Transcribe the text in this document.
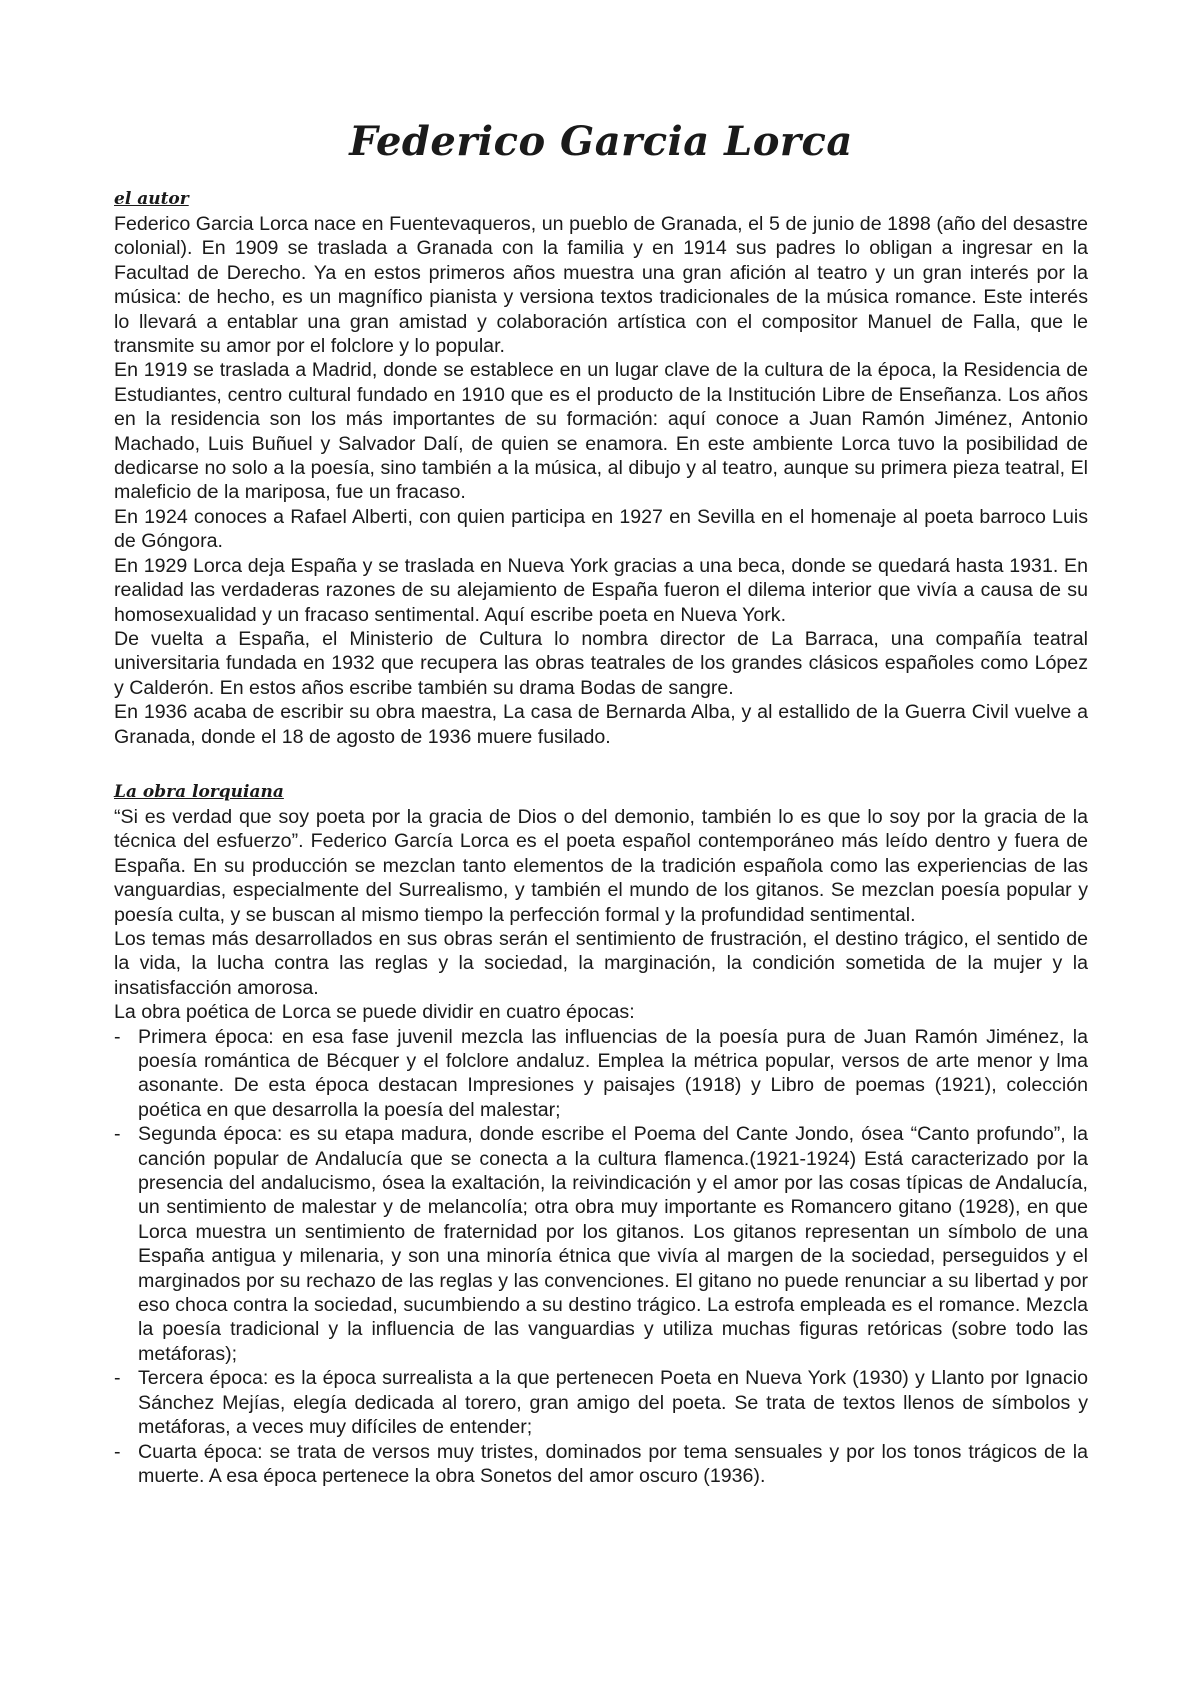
Federico Garcia Lorca
el autor

Federico Garcia Lorca nace en Fuentevaqueros, un pueblo de Granada, el 5 de junio de 1898 (año del desastre colonial). En 1909 se traslada a Granada con la familia y en 1914 sus padres lo obligan a ingresar en la Facultad de Derecho. Ya en estos primeros años muestra una gran afición al teatro y un gran interés por la música: de hecho, es un magnífico pianista y versiona textos tradicionales de la música romance. Este interés lo llevará a entablar una gran amistad y colaboración artística con el compositor Manuel de Falla, que le transmite su amor por el folclore y lo popular.

En 1919 se traslada a Madrid, donde se establece en un lugar clave de la cultura de la época, la Residencia de Estudiantes, centro cultural fundado en 1910 que es el producto de la Institución Libre de Enseñanza. Los años en la residencia son los más importantes de su formación: aquí conoce a Juan Ramón Jiménez, Antonio Machado, Luis Buñuel y Salvador Dalí, de quien se enamora. En este ambiente Lorca tuvo la posibilidad de dedicarse no solo a la poesía, sino también a la música, al dibujo y al teatro, aunque su primera pieza teatral, El maleficio de la mariposa, fue un fracaso.

En 1924 conoces a Rafael Alberti, con quien participa en 1927 en Sevilla en el homenaje al poeta barroco Luis de Góngora.

En 1929 Lorca deja España y se traslada en Nueva York gracias a una beca, donde se quedará hasta 1931. En realidad las verdaderas razones de su alejamiento de España fueron el dilema interior que vivía a causa de su homosexualidad y un fracaso sentimental. Aquí escribe poeta en Nueva York.

De vuelta a España, el Ministerio de Cultura lo nombra director de La Barraca, una compañía teatral universitaria fundada en 1932 que recupera las obras teatrales de los grandes clásicos españoles como López y Calderón. En estos años escribe también su drama Bodas de sangre.

En 1936 acaba de escribir su obra maestra, La casa de Bernarda Alba, y al estallido de la Guerra Civil vuelve a Granada, donde el 18 de agosto de 1936 muere fusilado.

La obra lorquiana

“Si es verdad que soy poeta por la gracia de Dios o del demonio, también lo es que lo soy por la gracia de la técnica del esfuerzo”. Federico García Lorca es el poeta español contemporáneo más leído dentro y fuera de España. En su producción se mezclan tanto elementos de la tradición española como las experiencias de las vanguardias, especialmente del Surrealismo, y también el mundo de los gitanos. Se mezclan poesía popular y poesía culta, y se buscan al mismo tiempo la perfección formal y la profundidad sentimental.

Los temas más desarrollados en sus obras serán el sentimiento de frustración, el destino trágico, el sentido de la vida, la lucha contra las reglas y la sociedad, la marginación, la condición sometida de la mujer y la insatisfacción amorosa.

La obra poética de Lorca se puede dividir en cuatro épocas:

- Primera época: en esa fase juvenil mezcla las influencias de la poesía pura de Juan Ramón Jiménez, la poesía romántica de Bécquer y el folclore andaluz. Emplea la métrica popular, versos de arte menor y lma asonante. De esta época destacan Impresiones y paisajes (1918) y Libro de poemas (1921), colección poética en que desarrolla la poesía del malestar;
- Segunda época: es su etapa madura, donde escribe el Poema del Cante Jondo, ósea “Canto profundo”, la canción popular de Andalucía que se conecta a la cultura flamenca.(1921-1924) Está caracterizado por la presencia del andalucismo, ósea la exaltación, la reivindicación y el amor por las cosas típicas de Andalucía, un sentimiento de malestar y de melancolía; otra obra muy importante es Romancero gitano (1928), en que Lorca muestra un sentimiento de fraternidad por los gitanos. Los gitanos representan un símbolo de una España antigua y milenaria, y son una minoría étnica que vivía al margen de la sociedad, perseguidos y el marginados por su rechazo de las reglas y las convenciones. El gitano no puede renunciar a su libertad y por eso choca contra la sociedad, sucumbiendo a su destino trágico. La estrofa empleada es el romance. Mezcla la poesía tradicional y la influencia de las vanguardias y utiliza muchas figuras retóricas (sobre todo las metáforas);
- Tercera época: es la época surrealista a la que pertenecen Poeta en Nueva York (1930) y Llanto por Ignacio Sánchez Mejías, elegía dedicada al torero, gran amigo del poeta. Se trata de textos llenos de símbolos y metáforas, a veces muy difíciles de entender;
- Cuarta época: se trata de versos muy tristes, dominados por tema sensuales y por los tonos trágicos de la muerte. A esa época pertenece la obra Sonetos del amor oscuro (1936).
